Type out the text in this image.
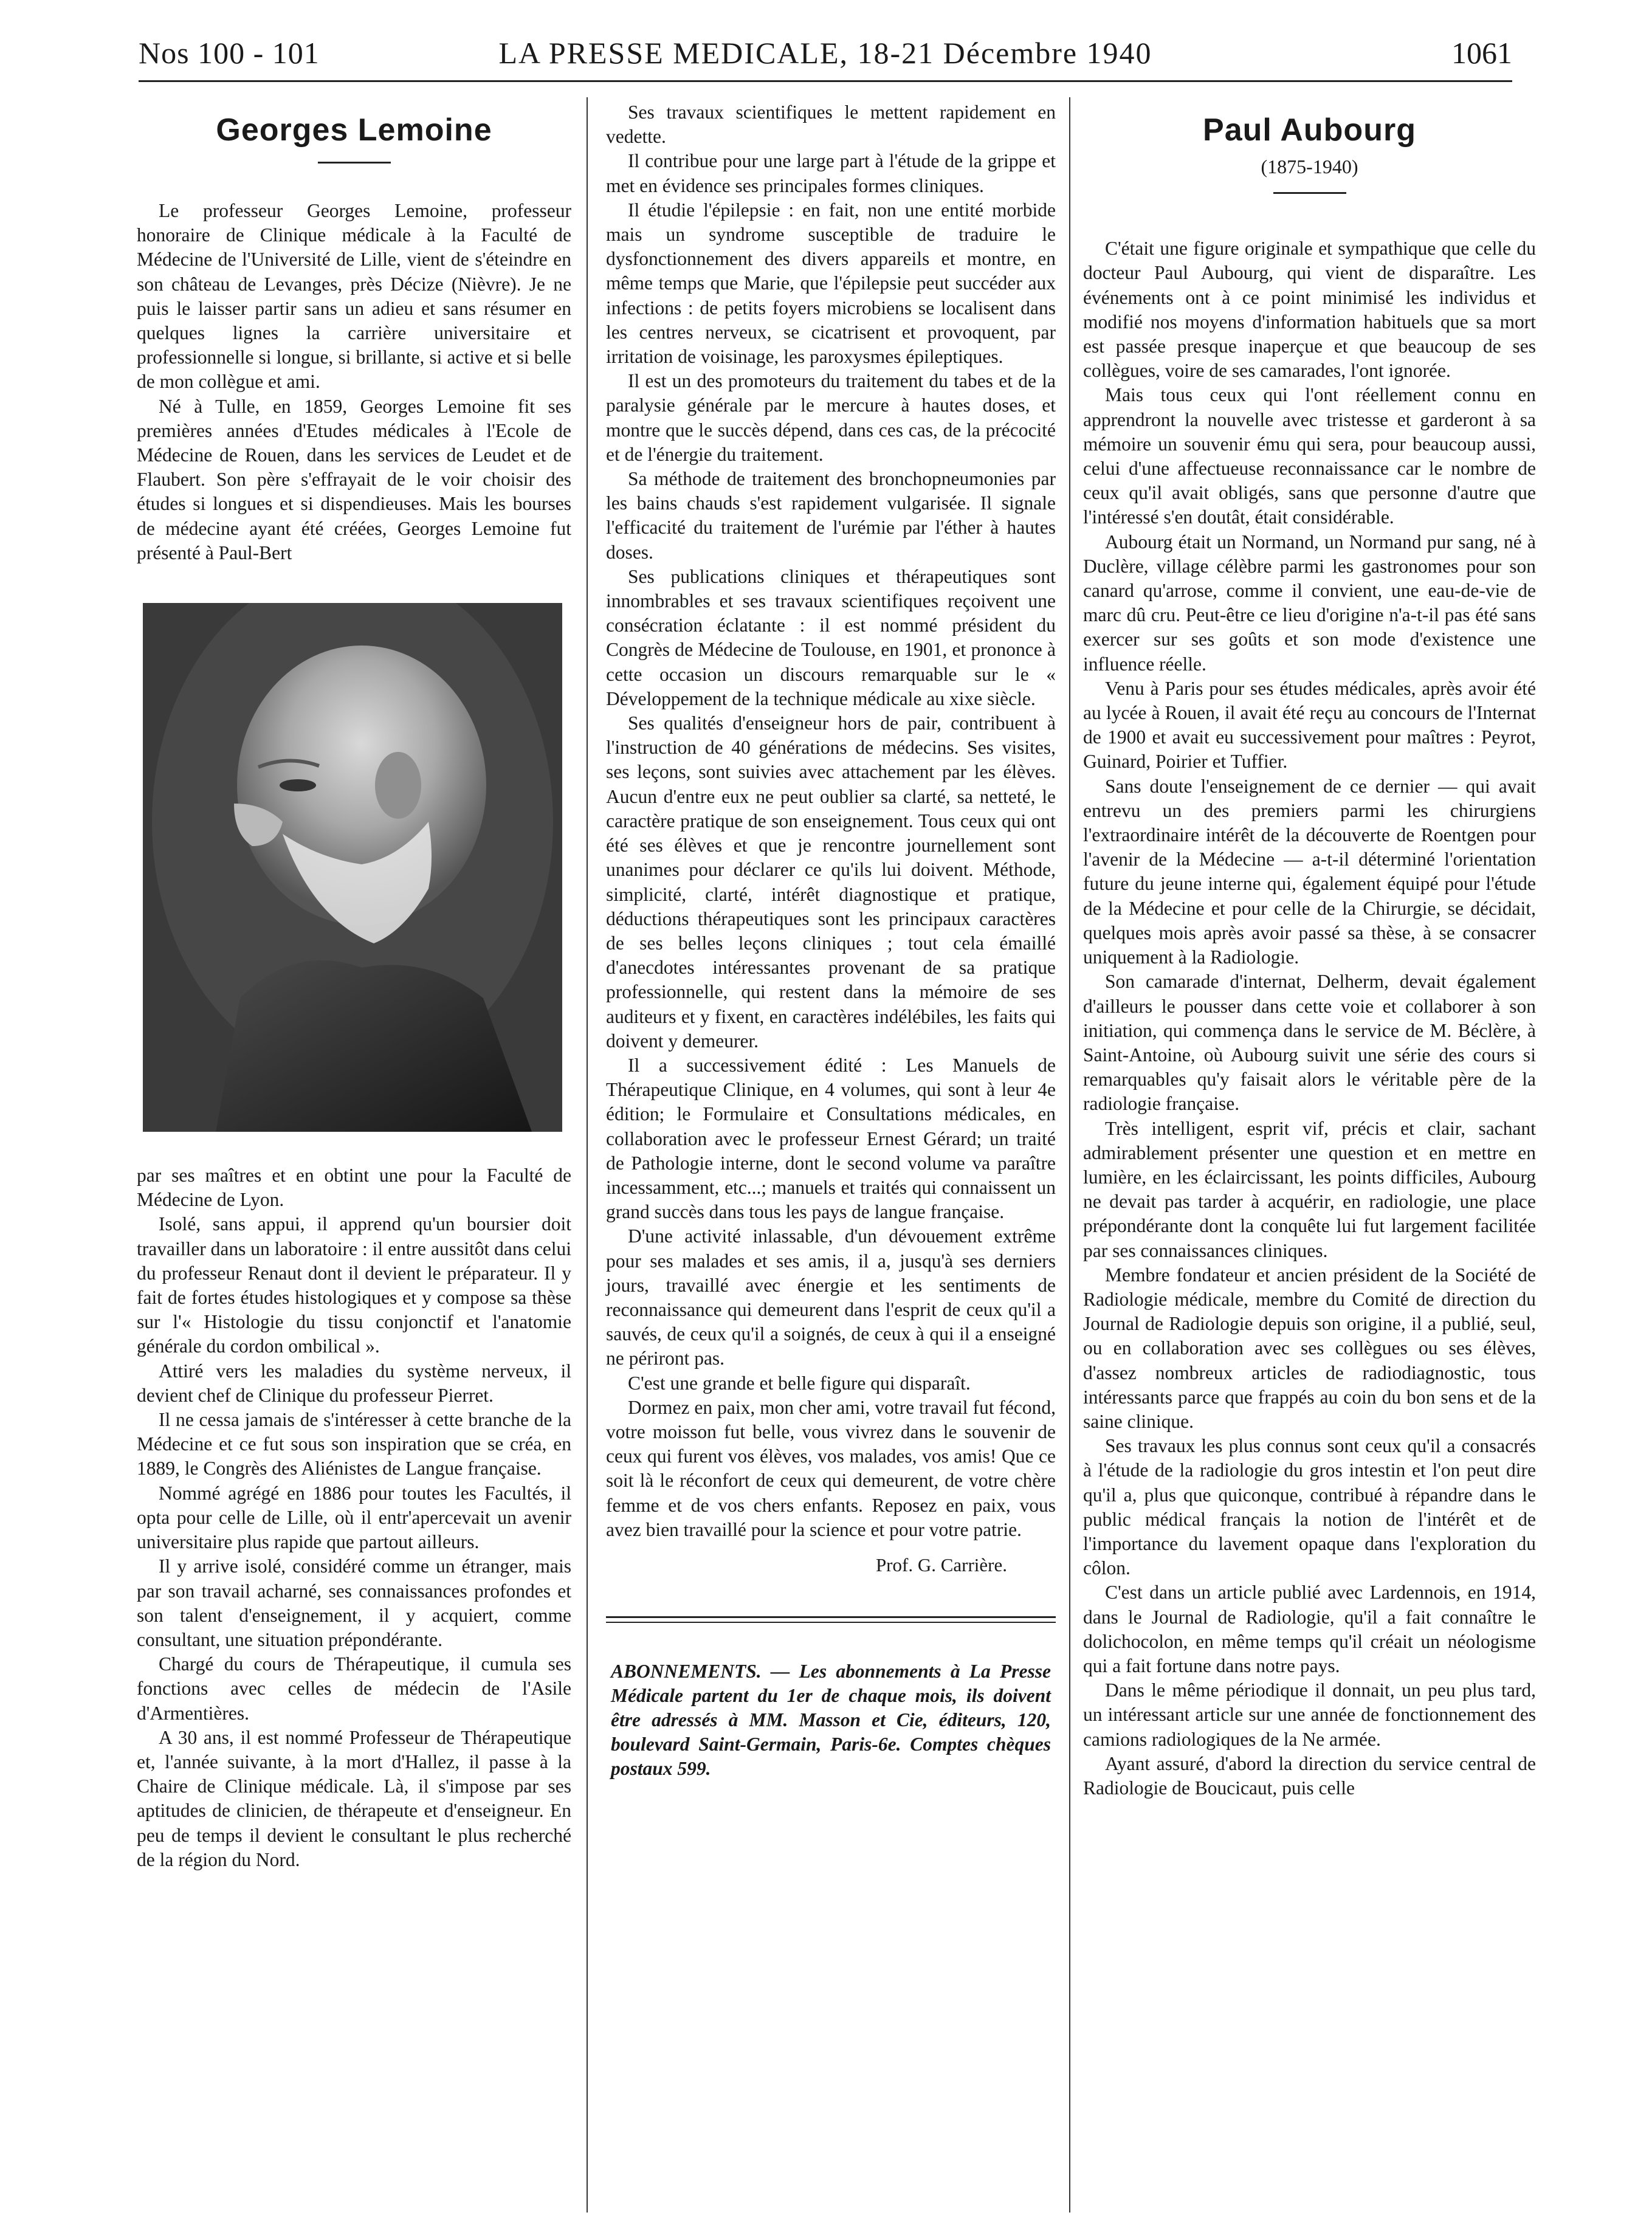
Nos 100 - 101	LA PRESSE MEDICALE, 18-21 Décembre 1940	1061
Georges Lemoine

Le professeur Georges Lemoine, professeur honoraire de Clinique médicale à la Faculté de Médecine de l'Université de Lille, vient de s'éteindre en son château de Levanges, près Décize (Nièvre). Je ne puis le laisser partir sans un adieu et sans résumer en quelques lignes la carrière universitaire et professionnelle si longue, si brillante, si active et si belle de mon collègue et ami.

Né à Tulle, en 1859, Georges Lemoine fit ses premières années d'Etudes médicales à l'Ecole de Médecine de Rouen, dans les services de Leudet et de Flaubert. Son père s'effrayait de le voir choisir des études si longues et si dispendieuses. Mais les bourses de médecine ayant été créées, Georges Lemoine fut présenté à Paul-Bert

par ses maîtres et en obtint une pour la Faculté de Médecine de Lyon.

Isolé, sans appui, il apprend qu'un boursier doit travailler dans un laboratoire : il entre aussitôt dans celui du professeur Renaut dont il devient le préparateur. Il y fait de fortes études histologiques et y compose sa thèse sur l'« Histologie du tissu conjonctif et l'anatomie générale du cordon ombilical ».

Attiré vers les maladies du système nerveux, il devient chef de Clinique du professeur Pierret.

Il ne cessa jamais de s'intéresser à cette branche de la Médecine et ce fut sous son inspiration que se créa, en 1889, le Congrès des Aliénistes de Langue française.

Nommé agrégé en 1886 pour toutes les Facultés, il opta pour celle de Lille, où il entr'apercevait un avenir universitaire plus rapide que partout ailleurs.

Il y arrive isolé, considéré comme un étranger, mais par son travail acharné, ses connaissances profondes et son talent d'enseignement, il y acquiert, comme consultant, une situation prépondérante.

Chargé du cours de Thérapeutique, il cumula ses fonctions avec celles de médecin de l'Asile d'Armentières.

A 30 ans, il est nommé Professeur de Thérapeutique et, l'année suivante, à la mort d'Hallez, il passe à la Chaire de Clinique médicale. Là, il s'impose par ses aptitudes de clinicien, de thérapeute et d'enseigneur. En peu de temps il devient le consultant le plus recherché de la région du Nord.

Ses travaux scientifiques le mettent rapidement en vedette.

Il contribue pour une large part à l'étude de la grippe et met en évidence ses principales formes cliniques.

Il étudie l'épilepsie : en fait, non une entité morbide mais un syndrome susceptible de traduire le dysfonctionnement des divers appareils et montre, en même temps que Marie, que l'épilepsie peut succéder aux infections : de petits foyers microbiens se localisent dans les centres nerveux, se cicatrisent et provoquent, par irritation de voisinage, les paroxysmes épileptiques.

Il est un des promoteurs du traitement du tabes et de la paralysie générale par le mercure à hautes doses, et montre que le succès dépend, dans ces cas, de la précocité et de l'énergie du traitement.

Sa méthode de traitement des bronchopneumonies par les bains chauds s'est rapidement vulgarisée. Il signale l'efficacité du traitement de l'urémie par l'éther à hautes doses.

Ses publications cliniques et thérapeutiques sont innombrables et ses travaux scientifiques reçoivent une consécration éclatante : il est nommé président du Congrès de Médecine de Toulouse, en 1901, et prononce à cette occasion un discours remarquable sur le « Développement de la technique médicale au xixe siècle.

Ses qualités d'enseigneur hors de pair, contribuent à l'instruction de 40 générations de médecins. Ses visites, ses leçons, sont suivies avec attachement par les élèves. Aucun d'entre eux ne peut oublier sa clarté, sa netteté, le caractère pratique de son enseignement. Tous ceux qui ont été ses élèves et que je rencontre journellement sont unanimes pour déclarer ce qu'ils lui doivent. Méthode, simplicité, clarté, intérêt diagnostique et pratique, déductions thérapeutiques sont les principaux caractères de ses belles leçons cliniques ; tout cela émaillé d'anecdotes intéressantes provenant de sa pratique professionnelle, qui restent dans la mémoire de ses auditeurs et y fixent, en caractères indélébiles, les faits qui doivent y demeurer.

Il a successivement édité : Les Manuels de Thérapeutique Clinique, en 4 volumes, qui sont à leur 4e édition; le Formulaire et Consultations médicales, en collaboration avec le professeur Ernest Gérard; un traité de Pathologie interne, dont le second volume va paraître incessamment, etc...; manuels et traités qui connaissent un grand succès dans tous les pays de langue française.

D'une activité inlassable, d'un dévouement extrême pour ses malades et ses amis, il a, jusqu'à ses derniers jours, travaillé avec énergie et les sentiments de reconnaissance qui demeurent dans l'esprit de ceux qu'il a sauvés, de ceux qu'il a soignés, de ceux à qui il a enseigné ne périront pas.

C'est une grande et belle figure qui disparaît.

Dormez en paix, mon cher ami, votre travail fut fécond, votre moisson fut belle, vous vivrez dans le souvenir de ceux qui furent vos élèves, vos malades, vos amis! Que ce soit là le réconfort de ceux qui demeurent, de votre chère femme et de vos chers enfants. Reposez en paix, vous avez bien travaillé pour la science et pour votre patrie.

Prof. G. Carrière.
ABONNEMENTS. — Les abonnements à La Presse Médicale partent du 1er de chaque mois, ils doivent être adressés à MM. Masson et Cie, éditeurs, 120, boulevard Saint-Germain, Paris-6e. Comptes chèques postaux 599.
Paul Aubourg
(1875-1940)

C'était une figure originale et sympathique que celle du docteur Paul Aubourg, qui vient de disparaître. Les événements ont à ce point minimisé les individus et modifié nos moyens d'information habituels que sa mort est passée presque inaperçue et que beaucoup de ses collègues, voire de ses camarades, l'ont ignorée.

Mais tous ceux qui l'ont réellement connu en apprendront la nouvelle avec tristesse et garderont à sa mémoire un souvenir ému qui sera, pour beaucoup aussi, celui d'une affectueuse reconnaissance car le nombre de ceux qu'il avait obligés, sans que personne d'autre que l'intéressé s'en doutât, était considérable.

Aubourg était un Normand, un Normand pur sang, né à Duclère, village célèbre parmi les gastronomes pour son canard qu'arrose, comme il convient, une eau-de-vie de marc dû cru. Peut-être ce lieu d'origine n'a-t-il pas été sans exercer sur ses goûts et son mode d'existence une influence réelle.

Venu à Paris pour ses études médicales, après avoir été au lycée à Rouen, il avait été reçu au concours de l'Internat de 1900 et avait eu successivement pour maîtres : Peyrot, Guinard, Poirier et Tuffier.

Sans doute l'enseignement de ce dernier — qui avait entrevu un des premiers parmi les chirurgiens l'extraordinaire intérêt de la découverte de Roentgen pour l'avenir de la Médecine — a-t-il déterminé l'orientation future du jeune interne qui, également équipé pour l'étude de la Médecine et pour celle de la Chirurgie, se décidait, quelques mois après avoir passé sa thèse, à se consacrer uniquement à la Radiologie.

Son camarade d'internat, Delherm, devait également d'ailleurs le pousser dans cette voie et collaborer à son initiation, qui commença dans le service de M. Béclère, à Saint-Antoine, où Aubourg suivit une série des cours si remarquables qu'y faisait alors le véritable père de la radiologie française.

Très intelligent, esprit vif, précis et clair, sachant admirablement présenter une question et en mettre en lumière, en les éclaircissant, les points difficiles, Aubourg ne devait pas tarder à acquérir, en radiologie, une place prépondérante dont la conquête lui fut largement facilitée par ses connaissances cliniques.

Membre fondateur et ancien président de la Société de Radiologie médicale, membre du Comité de direction du Journal de Radiologie depuis son origine, il a publié, seul, ou en collaboration avec ses collègues ou ses élèves, d'assez nombreux articles de radiodiagnostic, tous intéressants parce que frappés au coin du bon sens et de la saine clinique.

Ses travaux les plus connus sont ceux qu'il a consacrés à l'étude de la radiologie du gros intestin et l'on peut dire qu'il a, plus que quiconque, contribué à répandre dans le public médical français la notion de l'intérêt et de l'importance du lavement opaque dans l'exploration du côlon.

C'est dans un article publié avec Lardennois, en 1914, dans le Journal de Radiologie, qu'il a fait connaître le dolichocolon, en même temps qu'il créait un néologisme qui a fait fortune dans notre pays.

Dans le même périodique il donnait, un peu plus tard, un intéressant article sur une année de fonctionnement des camions radiologiques de la Ne armée.

Ayant assuré, d'abord la direction du service central de Radiologie de Boucicaut, puis celle
